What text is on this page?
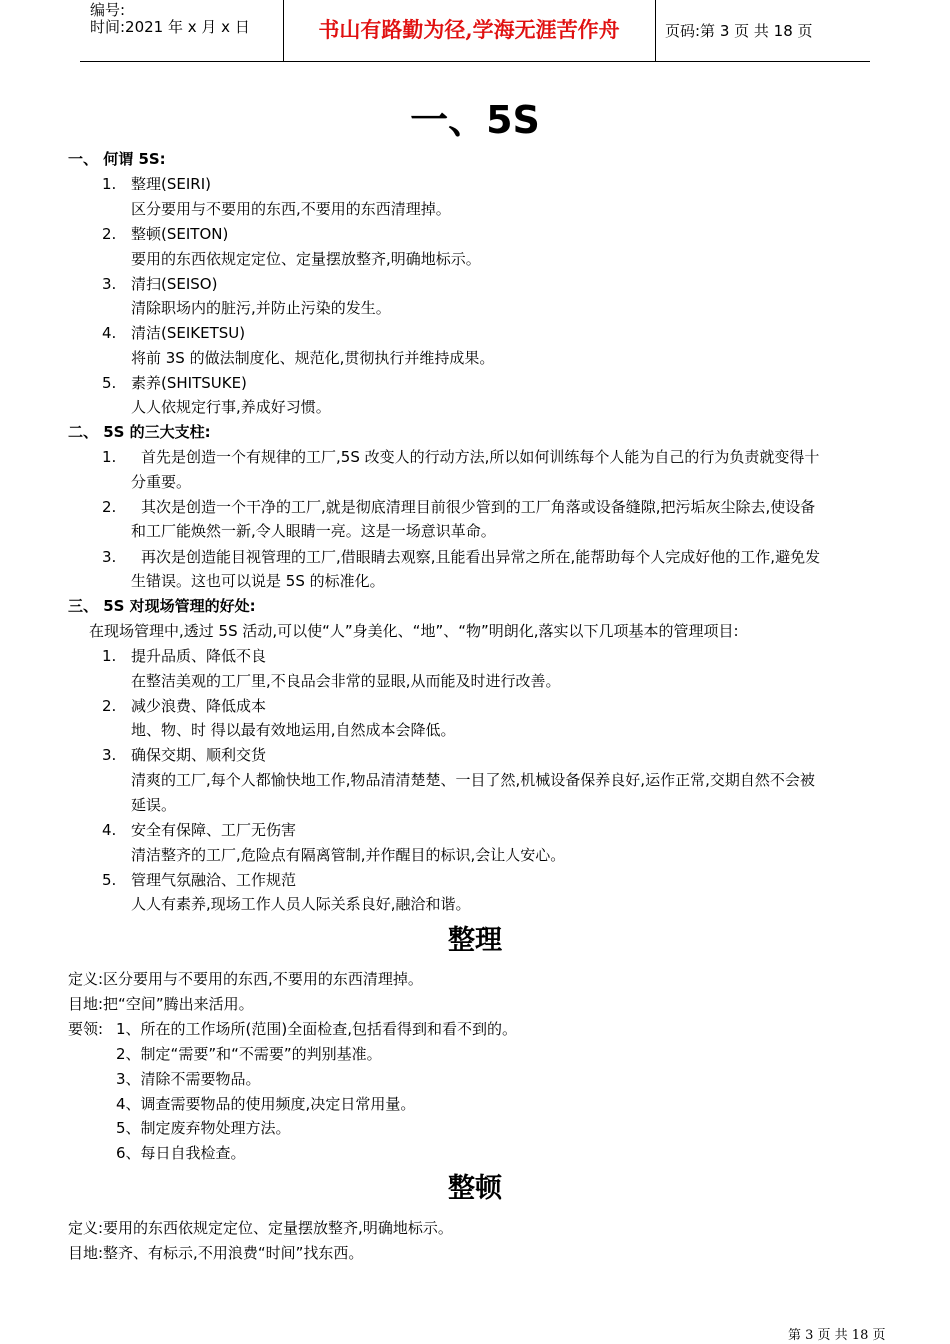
编号:
时间:2021 年 x 月 x 日	书山有路勤为径,学海无涯苦作舟	页码:第 3 页 共 18 页
一、5S
一、 何谓 5S:
1. 整理(SEIRI)
区分要用与不要用的东西,不要用的东西清理掉。
2. 整顿(SEITON)
要用的东西依规定定位、定量摆放整齐,明确地标示。
3. 清扫(SEISO)
清除职场内的脏污,并防止污染的发生。
4. 清洁(SEIKETSU)
将前 3S 的做法制度化、规范化,贯彻执行并维持成果。
5. 素养(SHITSUKE)
人人依规定行事,养成好习惯。
二、 5S 的三大支柱:
1. 首先是创造一个有规律的工厂,5S 改变人的行动方法,所以如何训练每个人能为自己的行为负责就变得十
分重要。
2. 其次是创造一个干净的工厂,就是彻底清理目前很少管到的工厂角落或设备缝隙,把污垢灰尘除去,使设备
和工厂能焕然一新,令人眼睛一亮。这是一场意识革命。
3. 再次是创造能目视管理的工厂,借眼睛去观察,且能看出异常之所在,能帮助每个人完成好他的工作,避免发
生错误。这也可以说是 5S 的标准化。
三、 5S 对现场管理的好处:
在现场管理中,透过 5S 活动,可以使“人”身美化、“地”、“物”明朗化,落实以下几项基本的管理项目:
1. 提升品质、降低不良
在整洁美观的工厂里,不良品会非常的显眼,从而能及时进行改善。
2. 减少浪费、降低成本
地、物、时 得以最有效地运用,自然成本会降低。
3. 确保交期、顺利交货
清爽的工厂,每个人都愉快地工作,物品清清楚楚、一目了然,机械设备保养良好,运作正常,交期自然不会被
延误。
4. 安全有保障、工厂无伤害
清洁整齐的工厂,危险点有隔离管制,并作醒目的标识,会让人安心。
5. 管理气氛融洽、工作规范
人人有素养,现场工作人员人际关系良好,融洽和谐。
整理
定义:区分要用与不要用的东西,不要用的东西清理掉。
目地:把“空间”腾出来活用。
要领: 1、所在的工作场所(范围)全面检查,包括看得到和看不到的。
2、制定“需要”和“不需要”的判别基准。
3、清除不需要物品。
4、调查需要物品的使用频度,决定日常用量。
5、制定废弃物处理方法。
6、每日自我检查。
整顿
定义:要用的东西依规定定位、定量摆放整齐,明确地标示。
目地:整齐、有标示,不用浪费“时间”找东西。
第 3 页 共 18 页
